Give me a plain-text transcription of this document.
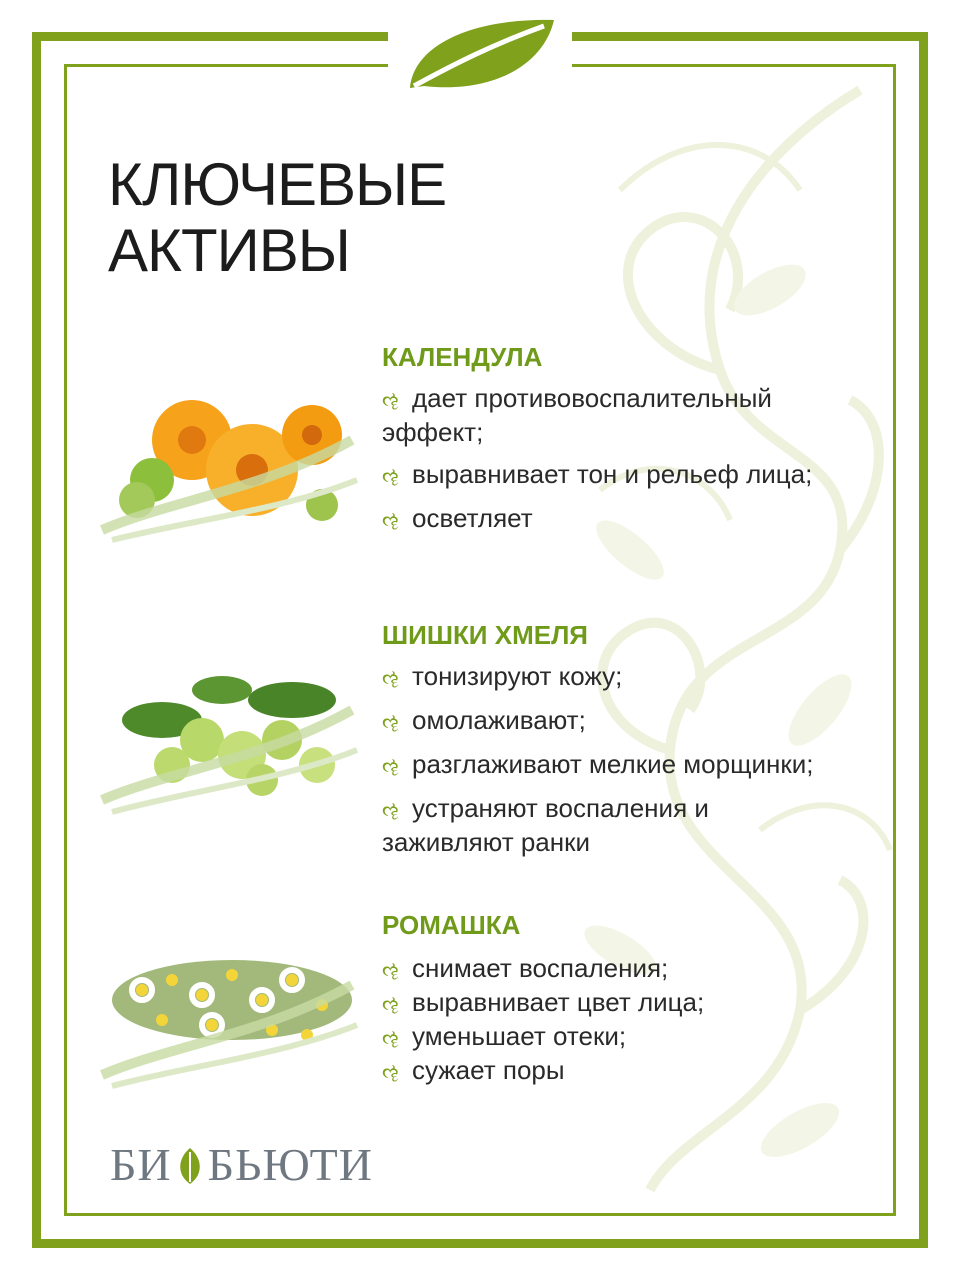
КЛЮЧЕВЫЕ
АКТИВЫ
КАЛЕНДУЛА
ૡ дает противовоспалительный эффект;
ૡ выравнивает тон и рельеф лица;
ૡ осветляет
ШИШКИ ХМЕЛЯ
ૡ тонизируют кожу;
ૡ омолаживают;
ૡ разглаживают мелкие морщинки;
ૡ устраняют воспаления и заживляют ранки
РОМАШКА
ૡ снимает воспаления;
ૡ выравнивает цвет лица;
ૡ уменьшает отеки;
ૡ сужает поры
БИ БЬЮТИ
